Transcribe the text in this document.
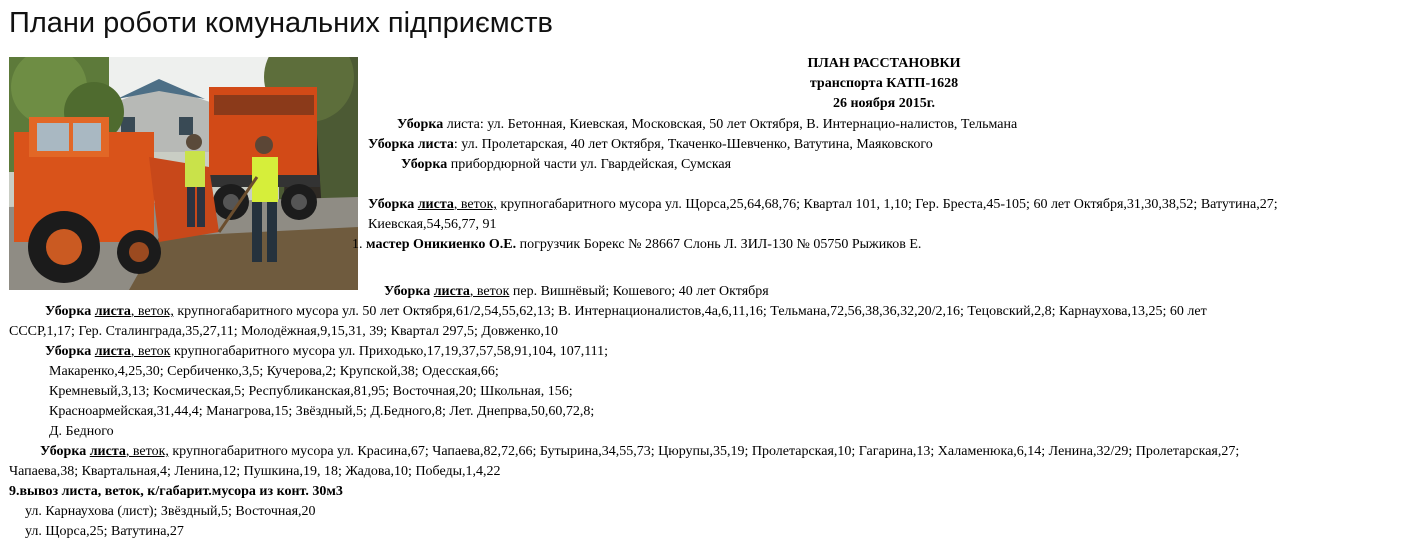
Плани роботи комунальних підприємств
ПЛАН РАССТАНОВКИ
транспорта КАТП-1628
26 ноября 2015г.
Уборка листа: ул. Бетонная, Киевская, Московская, 50 лет Октября, В. Интернацио-налистов, Тельмана
Уборка листа: ул. Пролетарская, 40 лет Октября, Ткаченко-Шевченко, Ватутина, Маяковского
Уборка прибордюрной части ул. Гвардейская, Сумская
Уборка листа, веток, крупногабаритного мусора ул. Щорса,25,64,68,76; Квартал 101, 1,10; Гер. Бреста,45-105; 60 лет Октября,31,30,38,52; Ватутина,27;
Киевская,54,56,77, 91
1. мастер Оникиенко О.Е. погрузчик Борекс № 28667 Слонь Л. ЗИЛ-130 № 05750 Рыжиков Е.
Уборка листа, веток пер. Вишнёвый; Кошевого; 40 лет Октября
Уборка листа, веток, крупногабаритного мусора ул. 50 лет Октября,61/2,54,55,62,13; В. Интернационалистов,4а,6,11,16; Тельмана,72,56,38,36,32,20/2,16; Тецовский,2,8; Карнаухова,13,25; 60 лет
СССР,1,17; Гер. Сталинграда,35,27,11; Молодёжная,9,15,31, 39; Квартал 297,5; Довженко,10
Уборка листа, веток крупногабаритного мусора ул. Приходько,17,19,37,57,58,91,104, 107,111;
Макаренко,4,25,30; Сербиченко,3,5; Кучерова,2; Крупской,38; Одесская,66;
Кремневый,3,13; Космическая,5; Республиканская,81,95; Восточная,20; Школьная, 156;
Красноармейская,31,44,4; Манагрова,15; Звёздный,5; Д.Бедного,8; Лет. Днепрва,50,60,72,8;
Д. Бедного
Уборка листа, веток, крупногабаритного мусора ул. Красина,67; Чапаева,82,72,66; Бутырина,34,55,73; Цюрупы,35,19; Пролетарская,10; Гагарина,13; Халаменюка,6,14; Ленина,32/29; Пролетарская,27;
Чапаева,38; Квартальная,4; Ленина,12; Пушкина,19, 18; Жадова,10; Победы,1,4,22
9.вывоз листа, веток, к/габарит.мусора из конт. 30м3
ул. Карнаухова (лист); Звёздный,5; Восточная,20
ул. Щорса,25; Ватутина,27
